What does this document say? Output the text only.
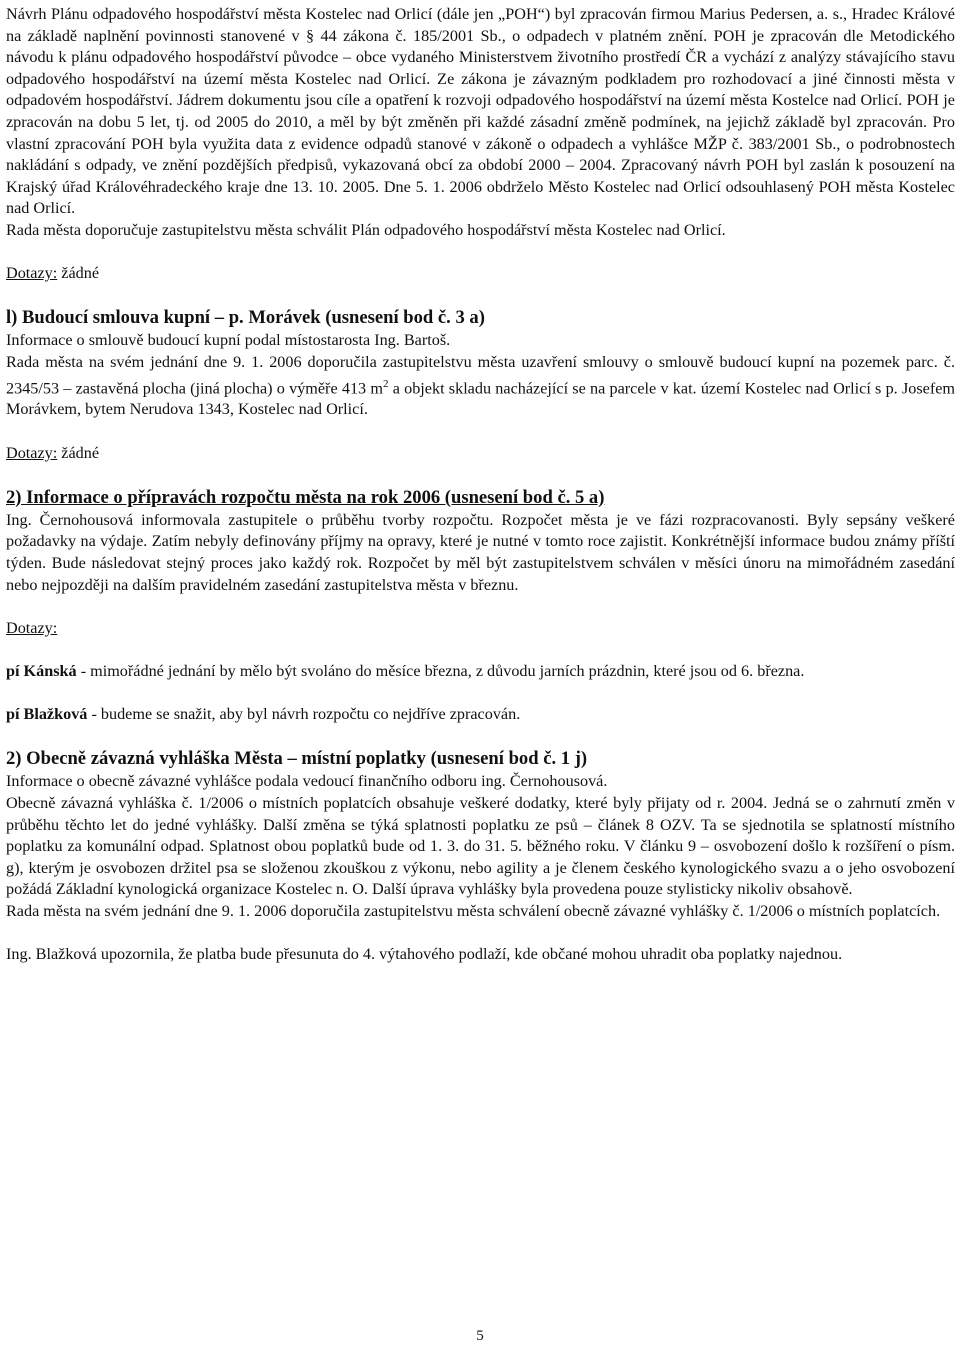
Návrh Plánu odpadového hospodářství města Kostelec nad Orlicí (dále jen „POH“) byl zpracován firmou Marius Pedersen, a. s., Hradec Králové na základě naplnění povinnosti stanovené v § 44 zákona č. 185/2001 Sb., o odpadech v platném znění. POH je zpracován dle Metodického návodu k plánu odpadového hospodářství původce – obce vydaného Ministerstvem životního prostředí ČR a vychází z analýzy stávajícího stavu odpadového hospodářství na území města Kostelec nad Orlicí. Ze zákona je závazným podkladem pro rozhodovací a jiné činnosti města v odpadovém hospodářství. Jádrem dokumentu jsou cíle a opatření k rozvoji odpadového hospodářství na území města Kostelce nad Orlicí. POH je zpracován na dobu 5 let, tj. od 2005 do 2010, a měl by být změněn při každé zásadní změně podmínek, na jejichž základě byl zpracován. Pro vlastní zpracování POH byla využita data z evidence odpadů stanové v zákoně o odpadech a vyhlášce MŽP č. 383/2001 Sb., o podrobnostech nakládání s odpady, ve znění pozdějších předpisů, vykazovaná obcí za období 2000 – 2004. Zpracovaný návrh POH byl zaslán k posouzení na Krajský úřad Královéhradeckého kraje dne 13. 10. 2005. Dne 5. 1. 2006 obdrželo Město Kostelec nad Orlicí odsouhlasený POH města Kostelec nad Orlicí.

Rada města doporučuje zastupitelstvu města schválit Plán odpadového hospodářství města Kostelec nad Orlicí.

Dotazy: žádné

l) Budoucí smlouva kupní – p. Morávek (usnesení bod č. 3 a)

Informace o smlouvě budoucí kupní podal místostarosta Ing. Bartoš.

Rada města na svém jednání dne 9. 1. 2006 doporučila zastupitelstvu města uzavření smlouvy o smlouvě budoucí kupní na pozemek parc. č. 2345/53 – zastavěná plocha (jiná plocha) o výměře 413 $m^2$ a objekt skladu nacházející se na parcele v kat. území Kostelec nad Orlicí s p. Josefem Morávkem, bytem Nerudova 1343, Kostelec nad Orlicí.

Dotazy: žádné

2) Informace o přípravách rozpočtu města na rok 2006 (usnesení bod č. 5 a)

Ing. Černohousová informovala zastupitele o průběhu tvorby rozpočtu. Rozpočet města je ve fázi rozpracovanosti. Byly sepsány veškeré požadavky na výdaje. Zatím nebyly definovány příjmy na opravy, které je nutné v tomto roce zajistit. Konkrétnější informace budou známy příští týden. Bude následovat stejný proces jako každý rok. Rozpočet by měl být zastupitelstvem schválen v měsíci únoru na mimořádném zasedání nebo nejpozději na dalším pravidelném zasedání zastupitelstva města v březnu.

Dotazy:

pí Kánská - mimořádné jednání by mělo být svoláno do měsíce března, z důvodu jarních prázdnin, které jsou od 6. března.

pí Blažková - budeme se snažit, aby byl návrh rozpočtu co nejdříve zpracován.

2) Obecně závazná vyhláška Města – místní poplatky (usnesení bod č. 1 j)

Informace o obecně závazné vyhlášce podala vedoucí finančního odboru ing. Černohousová.

Obecně závazná vyhláška č. 1/2006 o místních poplatcích obsahuje veškeré dodatky, které byly přijaty od r. 2004. Jedná se o zahrnutí změn v průběhu těchto let do jedné vyhlášky. Další změna se týká splatnosti poplatku ze psů – článek 8 OZV. Ta se sjednotila se splatností místního poplatku za komunální odpad. Splatnost obou poplatků bude od 1. 3. do 31. 5. běžného roku. V článku 9 – osvobození došlo k rozšíření o písm. g), kterým je osvobozen držitel psa se složenou zkouškou z výkonu, nebo agility a je členem českého kynologického svazu a o jeho osvobození požádá Základní kynologická organizace Kostelec n. O. Další úprava vyhlášky byla provedena pouze stylisticky nikoliv obsahově.

Rada města na svém jednání dne 9. 1. 2006 doporučila zastupitelstvu města schválení obecně závazné vyhlášky č. 1/2006 o místních poplatcích.

Ing. Blažková upozornila, že platba bude přesunuta do 4. výtahového podlaží, kde občané mohou uhradit oba poplatky najednou.

5
